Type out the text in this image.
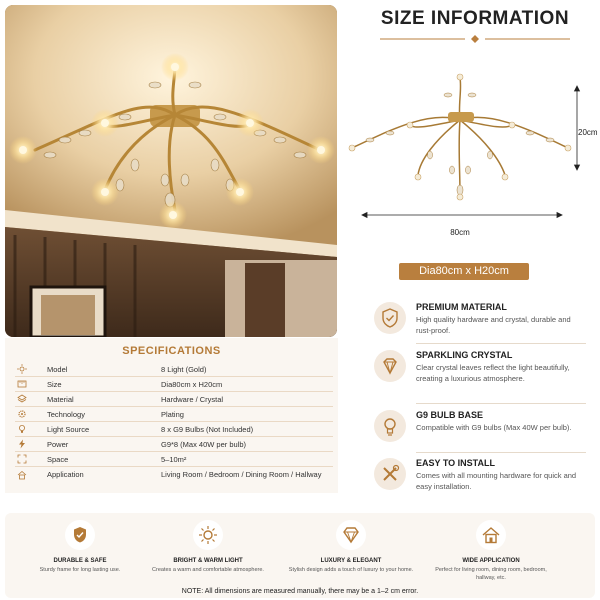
SIZE INFORMATION
80cm
20cm
Dia80cm x H20cm
SPECIFICATIONS
Model	8 Light (Gold)
Size	Dia80cm x H20cm
Material	Hardware / Crystal
Technology	Plating
Light Source	8 x G9 Bulbs (Not Included)
Power	G9*8 (Max 40W per bulb)
Space	5–10m²
Application	Living Room / Bedroom / Dining Room / Hallway
PREMIUM MATERIAL
High quality hardware and crystal, durable and rust-proof.
SPARKLING CRYSTAL
Clear crystal leaves reflect the light beautifully, creating a luxurious atmosphere.
G9 BULB BASE
Compatible with G9 bulbs (Max 40W per bulb).
EASY TO INSTALL
Comes with all mounting hardware for quick and easy installation.
DURABLE & SAFE
Sturdy frame for long lasting use.
BRIGHT & WARM LIGHT
Creates a warm and comfortable atmosphere.
LUXURY & ELEGANT
Stylish design adds a touch of luxury to your home.
WIDE APPLICATION
Perfect for living room, dining room, bedroom, hallway, etc.
NOTE: All dimensions are measured manually, there may be a 1–2 cm error.
